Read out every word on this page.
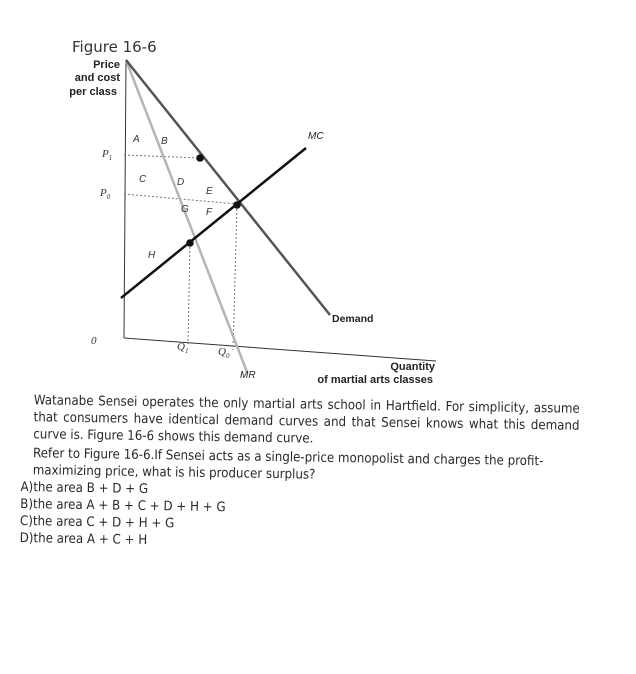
Figure 16-6
Price
and cost
per class
$P_1$
$P_0$
0	$Q_1$	$Q_0$
A B
C	D
E
G F
H
MC
Demand
MR
Quantity
of martial arts classes

Watanabe Sensei operates the only martial arts school in Hartfield. For simplicity, assume that consumers have identical demand curves and that Sensei knows what this demand curve is. Figure 16-6 shows this demand curve.

Refer to Figure 16-6.If Sensei acts as a single-price monopolist and charges the profit-maximizing price, what is his producer surplus?

A)the area B + D + G
B)the area A + B + C + D + H + G
C)the area C + D + H + G
D)the area A + C + H
